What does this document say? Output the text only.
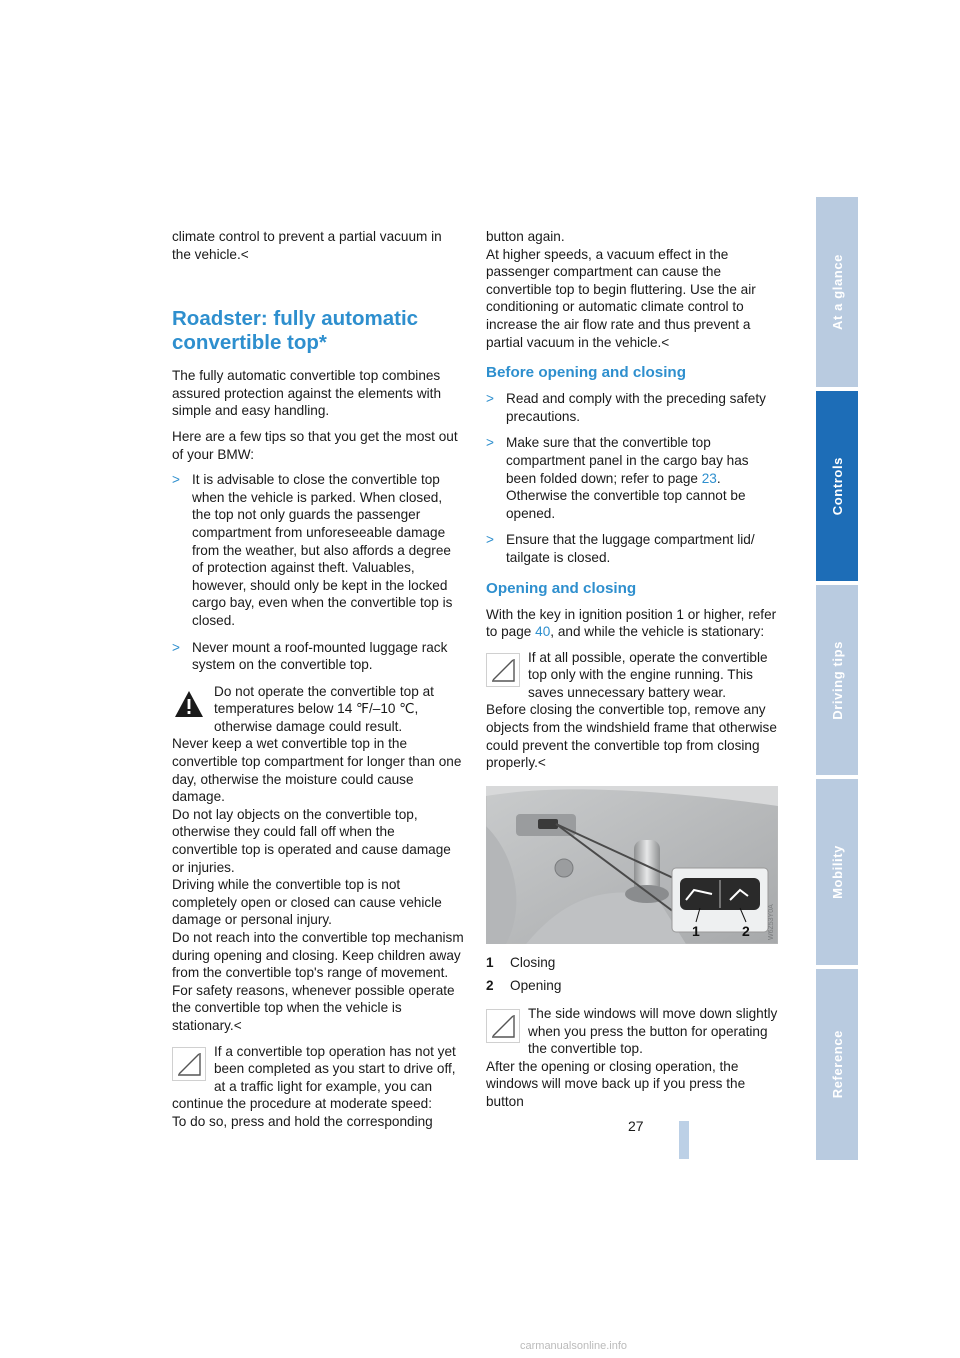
climate control to prevent a partial vacuum in the vehicle.<

Roadster: fully automatic convertible top*

The fully automatic convertible top combines assured protection against the elements with simple and easy handling.

Here are a few tips so that you get the most out of your BMW:

> It is advisable to close the convertible top when the vehicle is parked. When closed, the top not only guards the passenger compartment from unforeseeable damage from the weather, but also affords a degree of protection against theft. Valuables, however, should only be kept in the locked cargo bay, even when the convertible top is closed.
> Never mount a roof-mounted luggage rack system on the convertible top.
Do not operate the convertible top at temperatures below 14 ℉/–10 ℃, otherwise damage could result.
Never keep a wet convertible top in the convertible top compartment for longer than one day, otherwise the moisture could cause damage.
Do not lay objects on the convertible top, otherwise they could fall off when the convertible top is operated and cause damage or injuries.
Driving while the convertible top is not completely open or closed can cause vehicle damage or personal injury.
Do not reach into the convertible top mechanism during opening and closing. Keep children away from the convertible top's range of movement.
For safety reasons, whenever possible operate the convertible top when the vehicle is stationary.<
If a convertible top operation has not yet been completed as you start to drive off, at a traffic light for example, you can continue the procedure at moderate speed:
To do so, press and hold the corresponding

button again.

At higher speeds, a vacuum effect in the passenger compartment can cause the convertible top to begin fluttering. Use the air conditioning or automatic climate control to increase the air flow rate and thus prevent a partial vacuum in the vehicle.<

Before opening and closing
> Read and comply with the preceding safety precautions.
> Make sure that the convertible top compartment panel in the cargo bay has been folded down; refer to page 23. Otherwise the convertible top cannot be opened.
> Ensure that the luggage compartment lid/ tailgate is closed.
Opening and closing

With the key in ignition position 1 or higher, refer to page 40, and while the vehicle is stationary:

If at all possible, operate the convertible top only with the engine running. This saves unnecessary battery wear.
Before closing the convertible top, remove any objects from the windshield frame that otherwise could prevent the convertible top from closing properly.<
1	2	W6Z53Y0A
1 Closing
2 Opening
The side windows will move down slightly when you press the button for operating the convertible top.
After the opening or closing operation, the windows will move back up if you press the button
At a glance
Controls
Driving tips
Mobility
Reference
27
carmanualsonline.info
